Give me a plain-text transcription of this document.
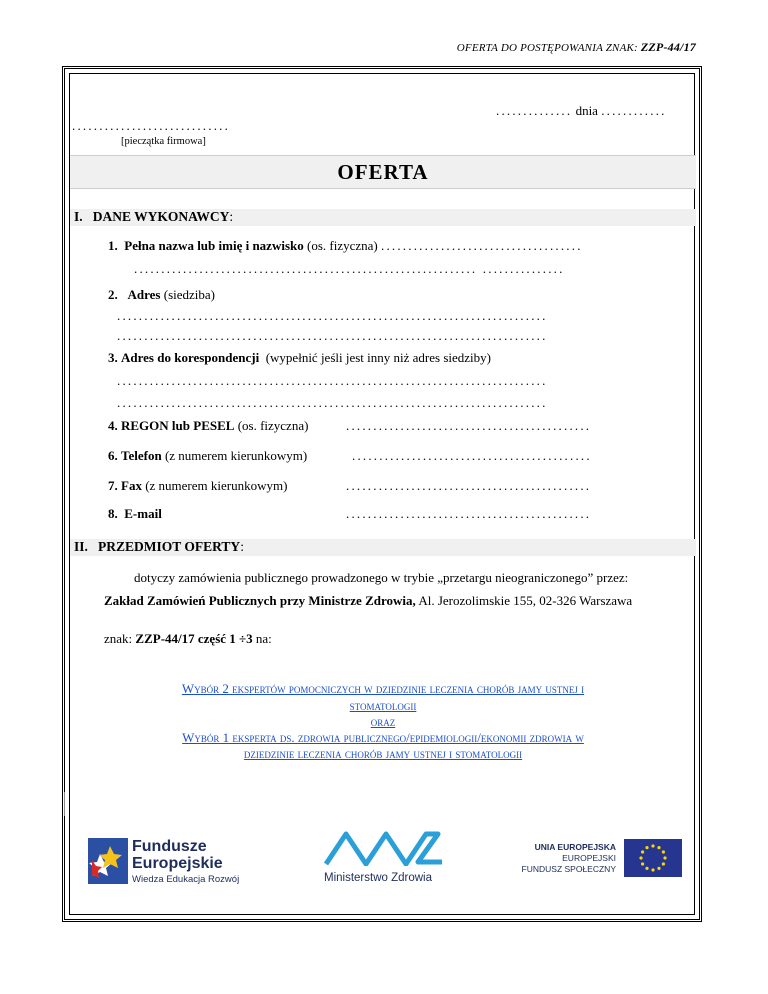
OFERTA DO POSTĘPOWANIA ZNAK: ZZP-44/17
.............. dnia ............
.............................
[pieczątka firmowa]
OFERTA
I. DANE WYKONAWCY:
1. Pełna nazwa lub imię i nazwisko (os. fizyczna) .....................................
............................................................... ...............
2. Adres (siedziba)
...............................................................................
...............................................................................
3. Adres do korespondencji (wypełnić jeśli jest inny niż adres siedziby)
...............................................................................
...............................................................................
4. REGON lub PESEL (os. fizyczna)	.............................................
6. Telefon (z numerem kierunkowym)	............................................
7. Fax (z numerem kierunkowym)	.............................................
8. E-mail	.............................................
II. PRZEDMIOT OFERTY:
dotyczy zamówienia publicznego prowadzonego w trybie „przetargu nieograniczonego” przez:
Zakład Zamówień Publicznych przy Ministrze Zdrowia, Al. Jerozolimskie 155, 02-326 Warszawa
znak: ZZP-44/17 część 1 ÷3 na:
Wybór 2 ekspertów pomocniczych w dziedzinie leczenia chorób jamy ustnej i
stomatologii
oraz
Wybór 1 eksperta ds. zdrowia publicznego/epidemiologii/ekonomii zdrowia w
dziedzinie leczenia chorób jamy ustnej i stomatologii
Fundusze
Europejskie
Wiedza Edukacja Rozwój	Ministerstwo Zdrowia
UNIA EUROPEJSKA
EUROPEJSKI
FUNDUSZ SPOŁECZNY
